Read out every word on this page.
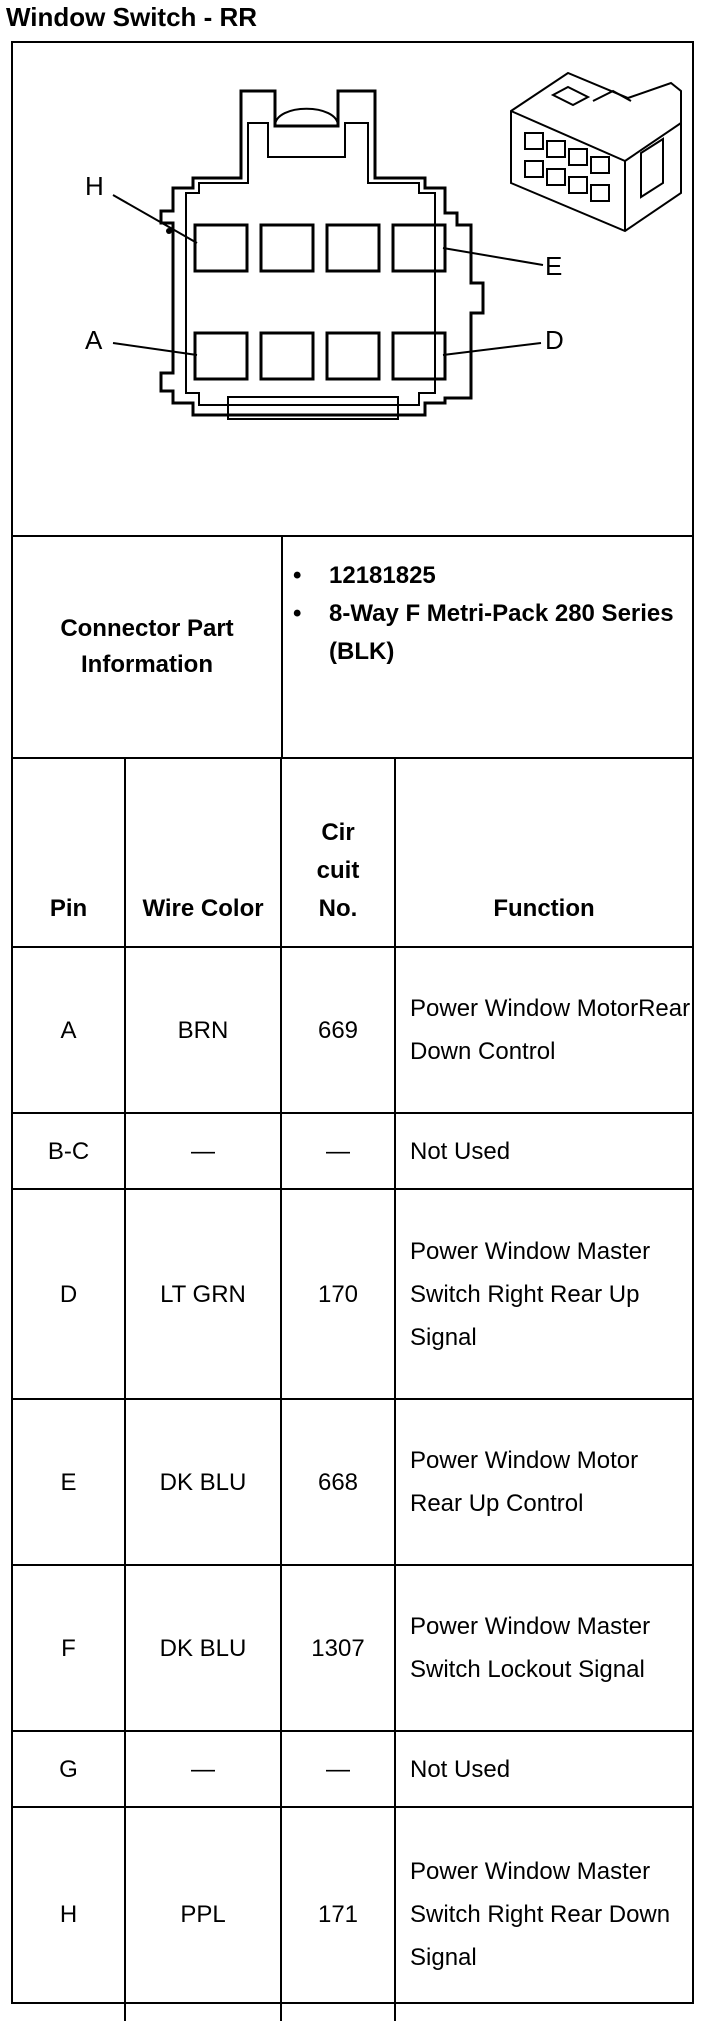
Window Switch - RR
H
A
E
D
Connector Part Information
• 12181825
• 8-Way F Metri-Pack 280 Series (BLK)
Pin	Wire Color	Cir cuit No.	Function
A	BRN	669	Power Window MotorRear Down Control
B-C	—	—	Not Used
D	LT GRN	170	Power Window Master Switch Right Rear Up Signal
E	DK BLU	668	Power Window Motor Rear Up Control
F	DK BLU	1307	Power Window Master Switch Lockout Signal
G	—	—	Not Used
H	PPL	171	Power Window Master Switch Right Rear Down Signal
